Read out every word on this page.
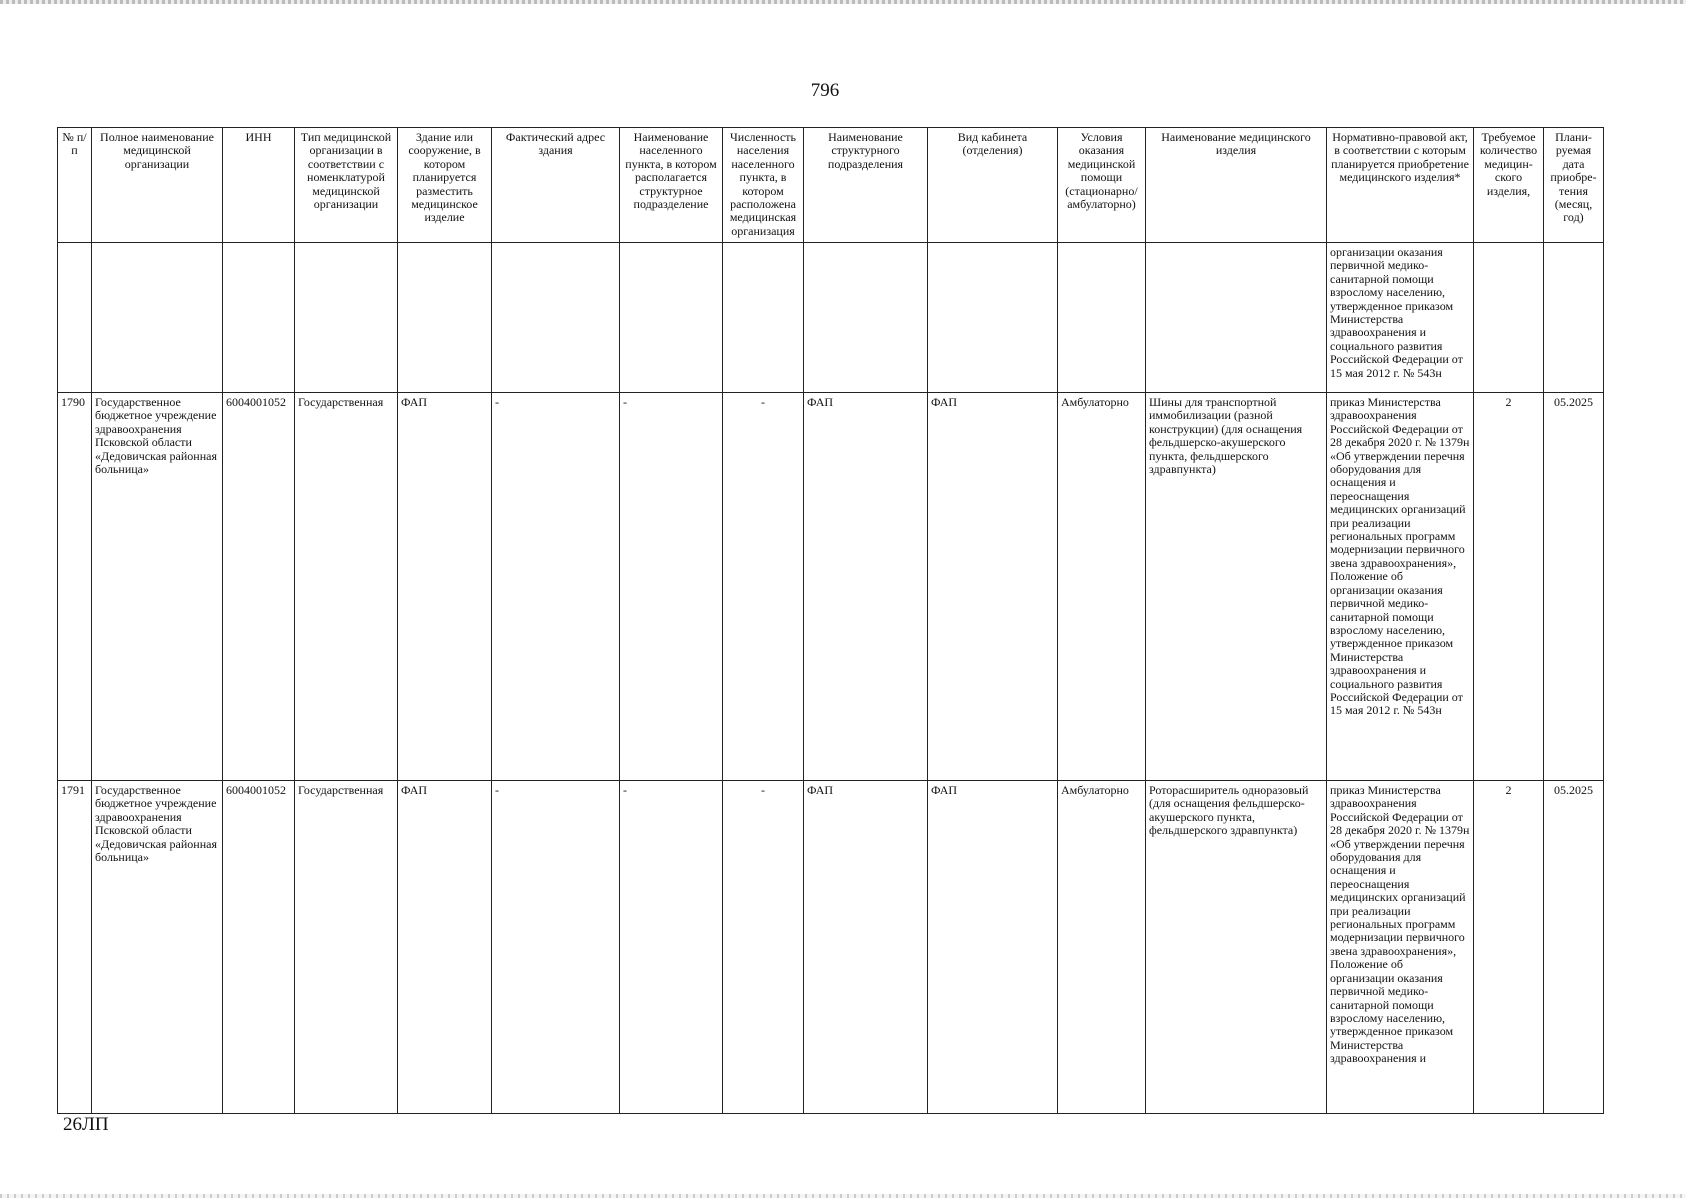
796
№ п/п	Полное наименование медицинской организации	ИНН	Тип медицинской организации в соответствии с номенклатурой медицинской организации	Здание или сооружение, в котором планируется разместить медицинское изделие	Фактический адрес здания	Наименование населенного пункта, в котором располагается структурное подразделение	Численность населения населенного пункта, в котором расположена медицинская организация	Наименование структурного подразделения	Вид кабинета (отделения)	Условия оказания медицинской помощи (стационарно/ амбулаторно)	Наименование медицинского изделия	Нормативно-правовой акт, в соответствии с которым планируется приобретение медицинского изделия*	Требуемое количество медицин-ского изделия,	Плани-руемая дата приобре-тения (месяц, год)
												организации оказания первичной медико-санитарной помощи взрослому населению, утвержденное приказом Министерства здравоохранения и социального развития Российской Федерации от 15 мая 2012 г. № 543н		
1790	Государственное бюджетное учреждение здравоохранения Псковской области «Дедовичская районная больница»	6004001052	Государственная	ФАП	-	-	-	ФАП	ФАП	Амбулаторно	Шины для транспортной иммобилизации (разной конструкции) (для оснащения фельдшерско-акушерского пункта, фельдшерского здравпункта)	приказ Министерства здравоохранения Российской Федерации от 28 декабря 2020 г. № 1379н «Об утверждении перечня оборудования для оснащения и переоснащения медицинских организаций при реализации региональных программ модернизации первичного звена здравоохранения», Положение об организации оказания первичной медико-санитарной помощи взрослому населению, утвержденное приказом Министерства здравоохранения и социального развития Российской Федерации от 15 мая 2012 г. № 543н	2	05.2025
1791	Государственное бюджетное учреждение здравоохранения Псковской области «Дедовичская районная больница»	6004001052	Государственная	ФАП	-	-	-	ФАП	ФАП	Амбулаторно	Роторасширитель одноразовый (для оснащения фельдшерско-акушерского пункта, фельдшерского здравпункта)	приказ Министерства здравоохранения Российской Федерации от 28 декабря 2020 г. № 1379н «Об утверждении перечня оборудования для оснащения и переоснащения медицинских организаций при реализации региональных программ модернизации первичного звена здравоохранения», Положение об организации оказания первичной медико-санитарной помощи взрослому населению, утвержденное приказом Министерства здравоохранения и	2	05.2025
26ЛП
